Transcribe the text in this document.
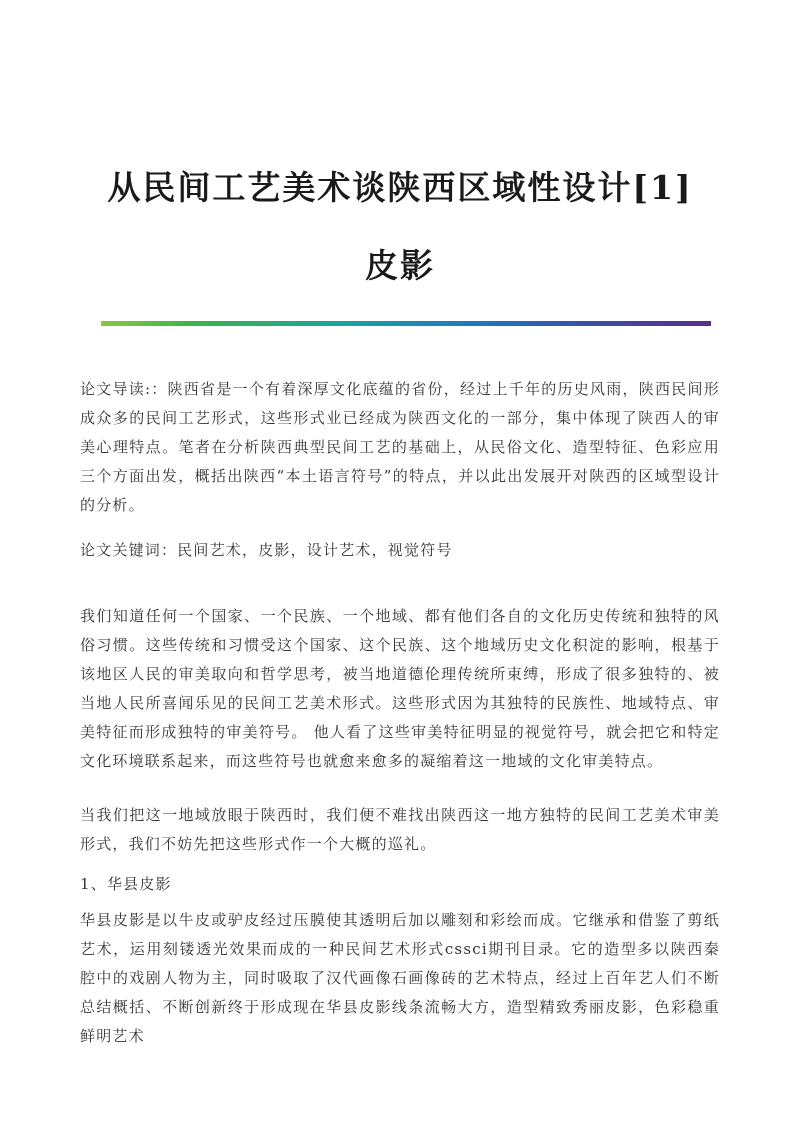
从民间工艺美术谈陕西区域性设计[1]
皮影

论文导读:：陕西省是一个有着深厚文化底蕴的省份，经过上千年的历史风雨，陕西民间形成众多的民间工艺形式，这些形式业已经成为陕西文化的一部分，集中体现了陕西人的审美心理特点。笔者在分析陕西典型民间工艺的基础上，从民俗文化、造型特征、色彩应用三个方面出发，概括出陕西“本土语言符号”的特点，并以此出发展开对陕西的区域型设计的分析。

论文关键词：民间艺术，皮影，设计艺术，视觉符号

我们知道任何一个国家、一个民族、一个地域、都有他们各自的文化历史传统和独特的风俗习惯。这些传统和习惯受这个国家、这个民族、这个地域历史文化积淀的影响，根基于该地区人民的审美取向和哲学思考，被当地道德伦理传统所束缚，形成了很多独特的、被当地人民所喜闻乐见的民间工艺美术形式。这些形式因为其独特的民族性、地域特点、审美特征而形成独特的审美符号。 他人看了这些审美特征明显的视觉符号，就会把它和特定文化环境联系起来，而这些符号也就愈来愈多的凝缩着这一地域的文化审美特点。

当我们把这一地域放眼于陕西时，我们便不难找出陕西这一地方独特的民间工艺美术审美形式，我们不妨先把这些形式作一个大概的巡礼。

1、华县皮影

华县皮影是以牛皮或驴皮经过压膜使其透明后加以雕刻和彩绘而成。它继承和借鉴了剪纸艺术，运用刻镂透光效果而成的一种民间艺术形式cssci期刊目录。它的造型多以陕西秦腔中的戏剧人物为主，同时吸取了汉代画像石画像砖的艺术特点，经过上百年艺人们不断总结概括、不断创新终于形成现在华县皮影线条流畅大方，造型精致秀丽皮影，色彩稳重鲜明艺术
